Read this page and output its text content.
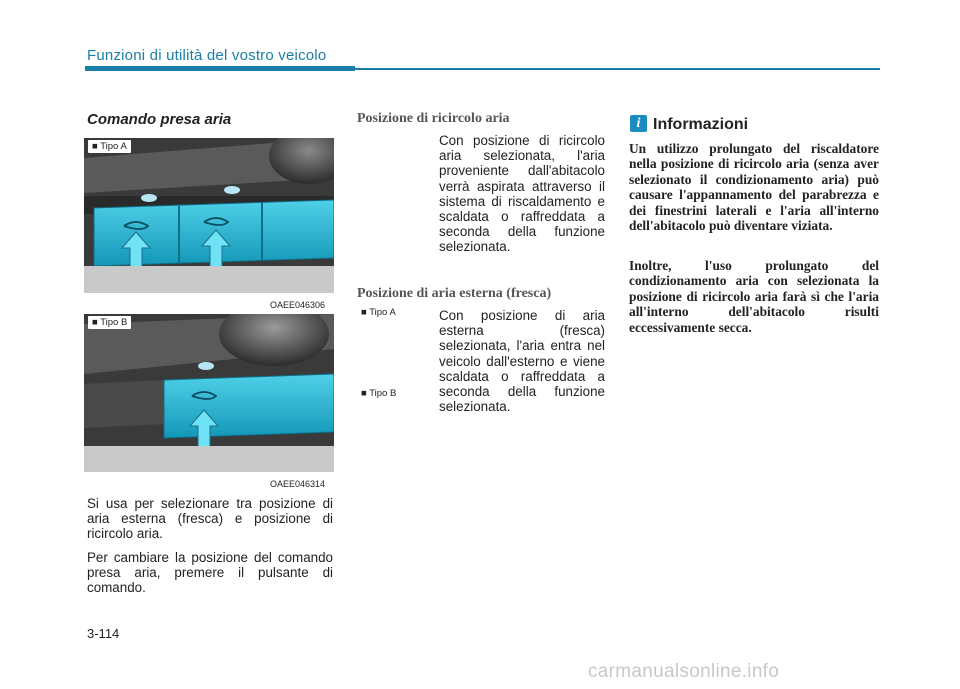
Funzioni di utilità del vostro veicolo
Comando presa aria
■ Tipo A
OAEE046306
■ Tipo B
OAEE046314
Si usa per selezionare tra posizione di aria esterna (fresca) e posizione di ricircolo aria.
Per cambiare la posizione del comando presa aria, premere il pulsante di comando.
Posizione di ricircolo aria
Con posizione di ricircolo aria selezionata, l'aria proveniente dall'abitacolo verrà aspirata attraverso il sistema di riscaldamento e scaldata o raffreddata a seconda della funzione selezionata.
Posizione di aria esterna (fresca)
■ Tipo A
■ Tipo B
Con posizione di aria esterna (fresca) selezionata, l'aria entra nel veicolo dall'esterno e viene scaldata o raffreddata a seconda della funzione selezionata.
i Informazioni
Un utilizzo prolungato del riscaldatore nella posizione di ricircolo aria (senza aver selezionato il condizionamento aria) può causare l'appannamento del parabrezza e dei finestrini laterali e l'aria all'interno dell'abitacolo può diventare viziata.
Inoltre, l'uso prolungato del condizionamento aria con selezionata la posizione di ricircolo aria farà sì che l'aria all'interno dell'abitacolo risulti eccessivamente secca.
3-114
carmanualsonline.info
